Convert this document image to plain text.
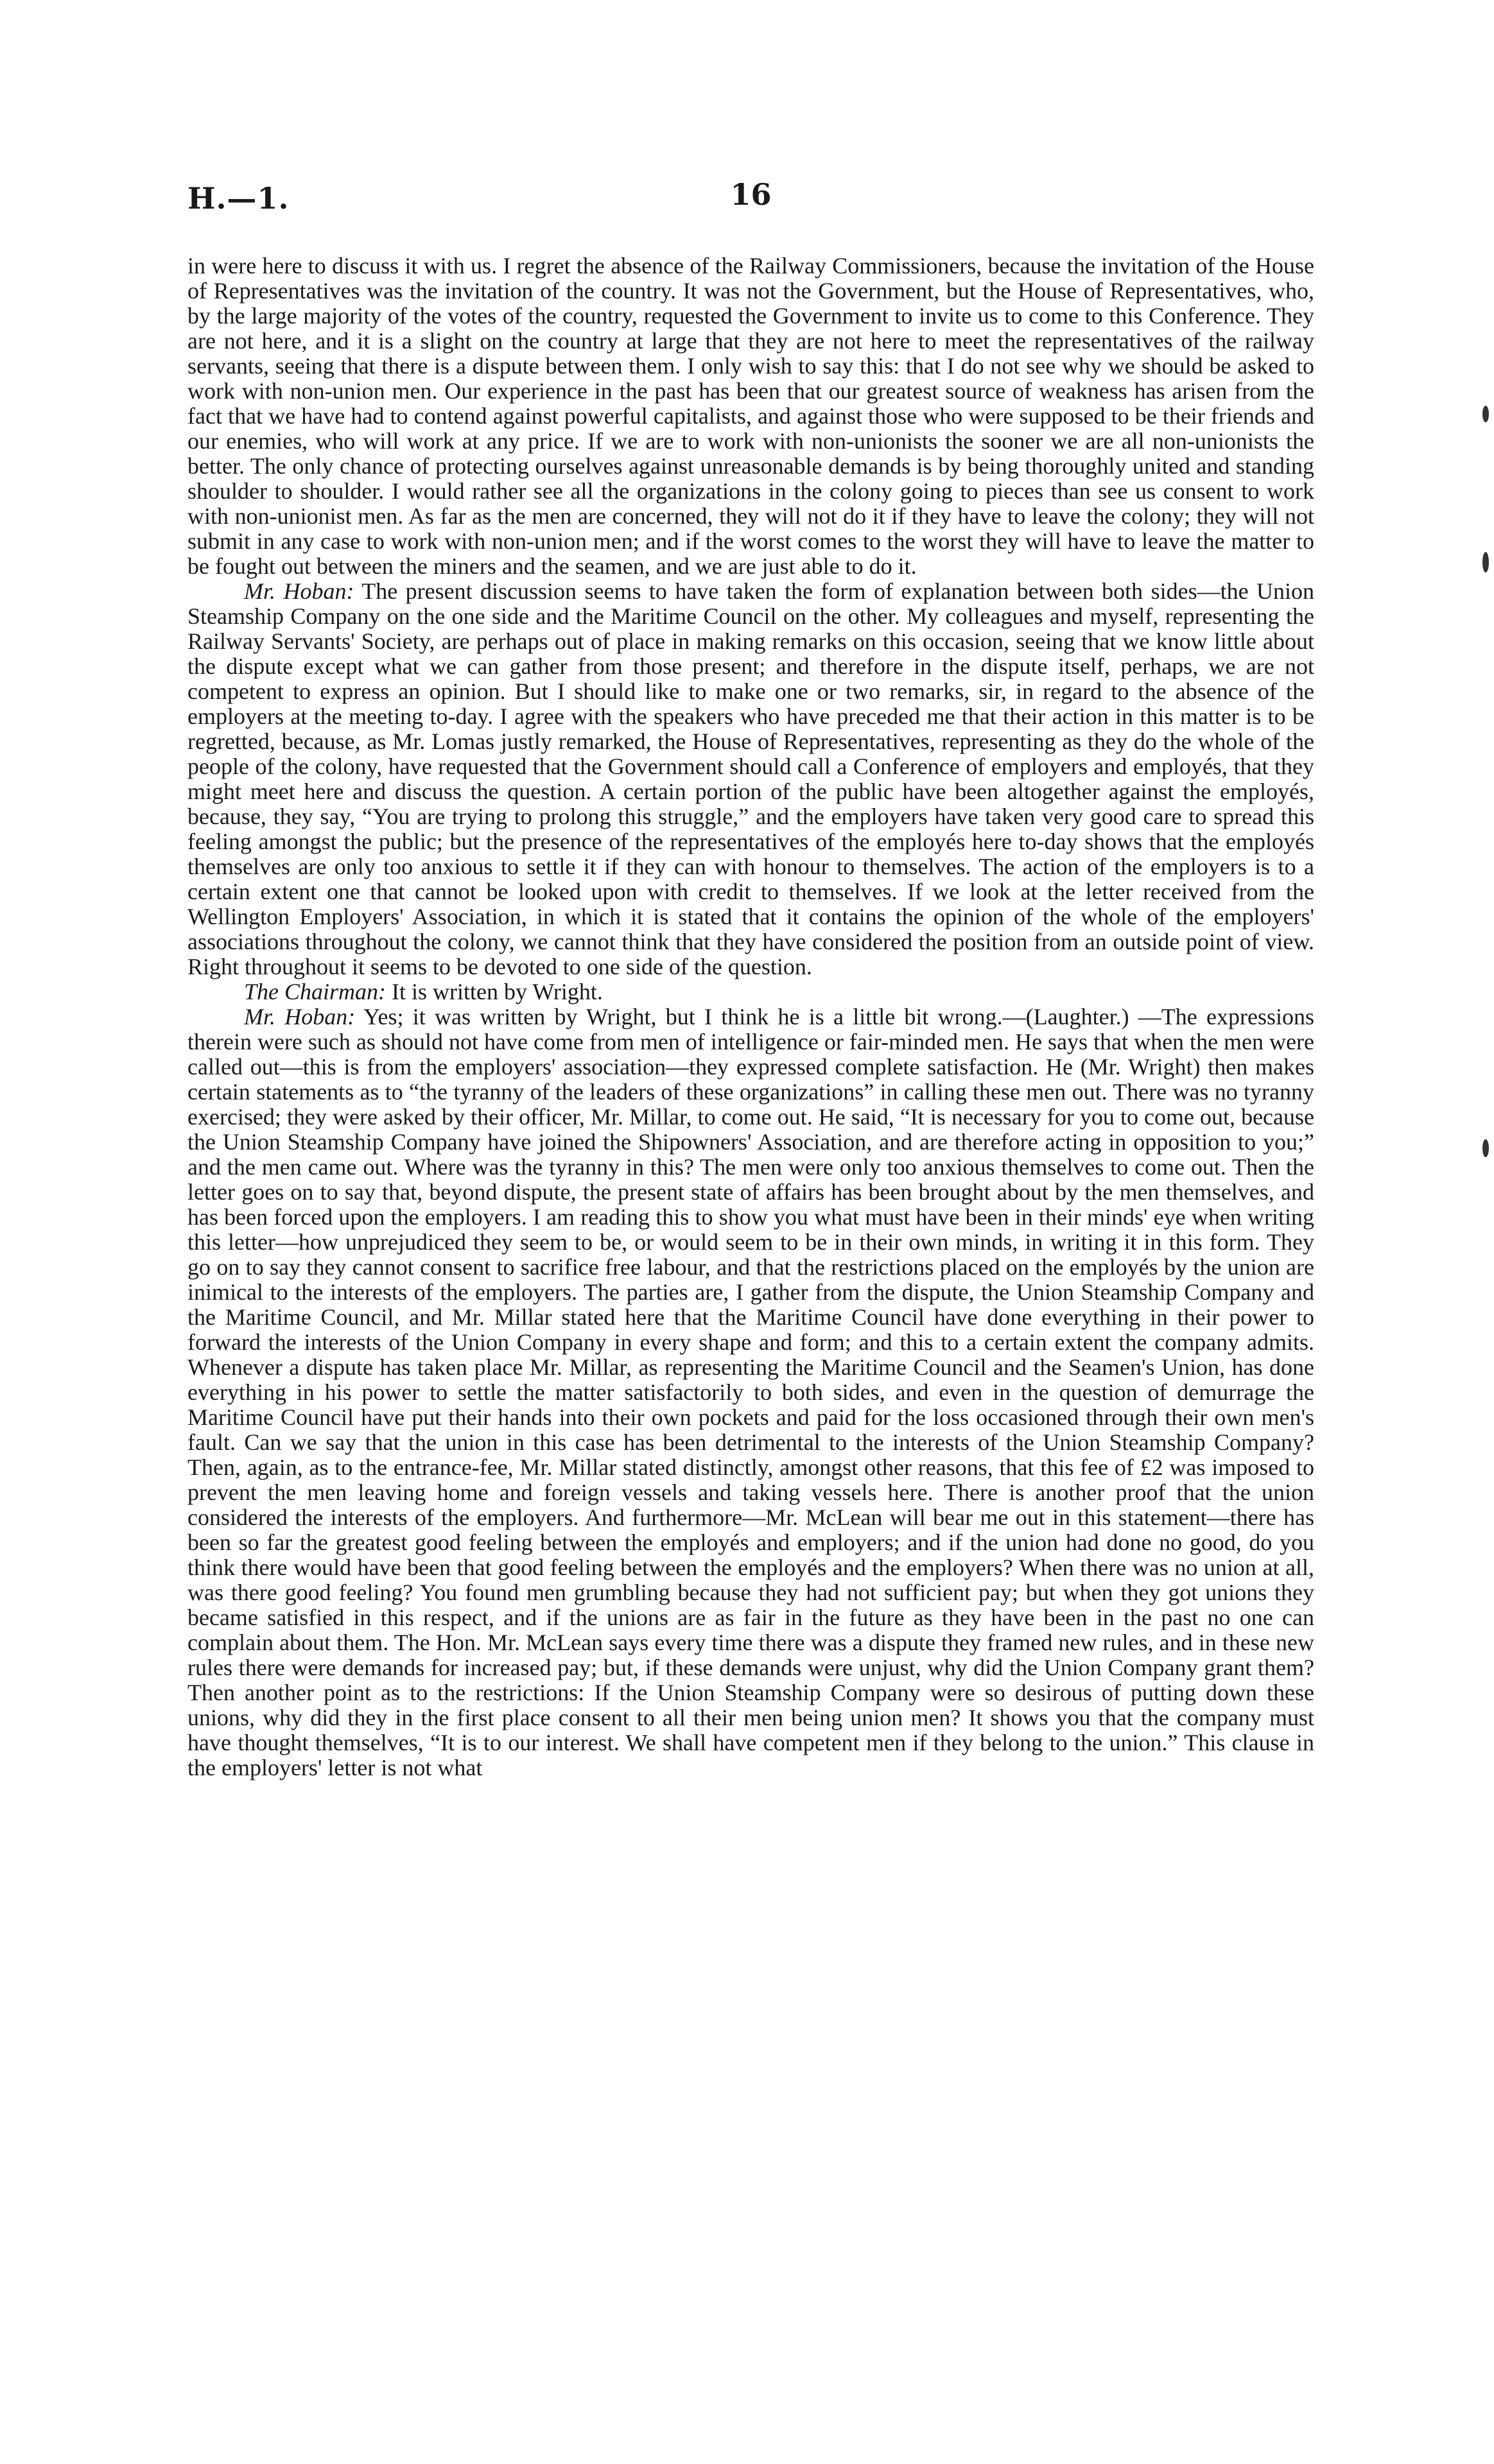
H.—1.	16

in were here to discuss it with us. I regret the absence of the Railway Commissioners, because the invitation of the House of Representatives was the invitation of the country. It was not the Government, but the House of Representatives, who, by the large majority of the votes of the country, requested the Government to invite us to come to this Conference. They are not here, and it is a slight on the country at large that they are not here to meet the representatives of the railway servants, seeing that there is a dispute between them. I only wish to say this: that I do not see why we should be asked to work with non-union men. Our experience in the past has been that our greatest source of weakness has arisen from the fact that we have had to contend against powerful capitalists, and against those who were supposed to be their friends and our enemies, who will work at any price. If we are to work with non-unionists the sooner we are all non-unionists the better. The only chance of protecting ourselves against unreasonable demands is by being thoroughly united and standing shoulder to shoulder. I would rather see all the organizations in the colony going to pieces than see us consent to work with non-unionist men. As far as the men are concerned, they will not do it if they have to leave the colony; they will not submit in any case to work with non-union men; and if the worst comes to the worst they will have to leave the matter to be fought out between the miners and the seamen, and we are just able to do it.

Mr. Hoban: The present discussion seems to have taken the form of explanation between both sides—the Union Steamship Company on the one side and the Maritime Council on the other. My colleagues and myself, representing the Railway Servants' Society, are perhaps out of place in making remarks on this occasion, seeing that we know little about the dispute except what we can gather from those present; and therefore in the dispute itself, perhaps, we are not competent to express an opinion. But I should like to make one or two remarks, sir, in regard to the absence of the employers at the meeting to-day. I agree with the speakers who have preceded me that their action in this matter is to be regretted, because, as Mr. Lomas justly remarked, the House of Representatives, representing as they do the whole of the people of the colony, have requested that the Government should call a Conference of employers and employés, that they might meet here and discuss the question. A certain portion of the public have been altogether against the employés, because, they say, “You are trying to prolong this struggle,” and the employers have taken very good care to spread this feeling amongst the public; but the presence of the representatives of the employés here to-day shows that the employés themselves are only too anxious to settle it if they can with honour to themselves. The action of the employers is to a certain extent one that cannot be looked upon with credit to themselves. If we look at the letter received from the Wellington Employers' Association, in which it is stated that it contains the opinion of the whole of the employers' associations throughout the colony, we cannot think that they have considered the position from an outside point of view. Right throughout it seems to be devoted to one side of the question.

The Chairman: It is written by Wright.

Mr. Hoban: Yes; it was written by Wright, but I think he is a little bit wrong.—(Laughter.) —The expressions therein were such as should not have come from men of intelligence or fair-minded men. He says that when the men were called out—this is from the employers' association—they expressed complete satisfaction. He (Mr. Wright) then makes certain statements as to “the tyranny of the leaders of these organizations” in calling these men out. There was no tyranny exercised; they were asked by their officer, Mr. Millar, to come out. He said, “It is necessary for you to come out, because the Union Steamship Company have joined the Shipowners' Association, and are therefore acting in opposition to you;” and the men came out. Where was the tyranny in this? The men were only too anxious themselves to come out. Then the letter goes on to say that, beyond dispute, the present state of affairs has been brought about by the men themselves, and has been forced upon the employers. I am reading this to show you what must have been in their minds' eye when writing this letter—how unprejudiced they seem to be, or would seem to be in their own minds, in writing it in this form. They go on to say they cannot consent to sacrifice free labour, and that the restrictions placed on the employés by the union are inimical to the interests of the employers. The parties are, I gather from the dispute, the Union Steamship Company and the Maritime Council, and Mr. Millar stated here that the Maritime Council have done everything in their power to forward the interests of the Union Company in every shape and form; and this to a certain extent the company admits. Whenever a dispute has taken place Mr. Millar, as representing the Maritime Council and the Seamen's Union, has done everything in his power to settle the matter satisfactorily to both sides, and even in the question of demurrage the Maritime Council have put their hands into their own pockets and paid for the loss occasioned through their own men's fault. Can we say that the union in this case has been detrimental to the interests of the Union Steamship Company? Then, again, as to the entrance-fee, Mr. Millar stated distinctly, amongst other reasons, that this fee of £2 was imposed to prevent the men leaving home and foreign vessels and taking vessels here. There is another proof that the union considered the interests of the employers. And furthermore—Mr. McLean will bear me out in this statement—there has been so far the greatest good feeling between the employés and employers; and if the union had done no good, do you think there would have been that good feeling between the employés and the employers? When there was no union at all, was there good feeling? You found men grumbling because they had not sufficient pay; but when they got unions they became satisfied in this respect, and if the unions are as fair in the future as they have been in the past no one can complain about them. The Hon. Mr. McLean says every time there was a dispute they framed new rules, and in these new rules there were demands for increased pay; but, if these demands were unjust, why did the Union Company grant them? Then another point as to the restrictions: If the Union Steamship Company were so desirous of putting down these unions, why did they in the first place consent to all their men being union men? It shows you that the company must have thought themselves, “It is to our interest. We shall have competent men if they belong to the union.” This clause in the employers' letter is not what
